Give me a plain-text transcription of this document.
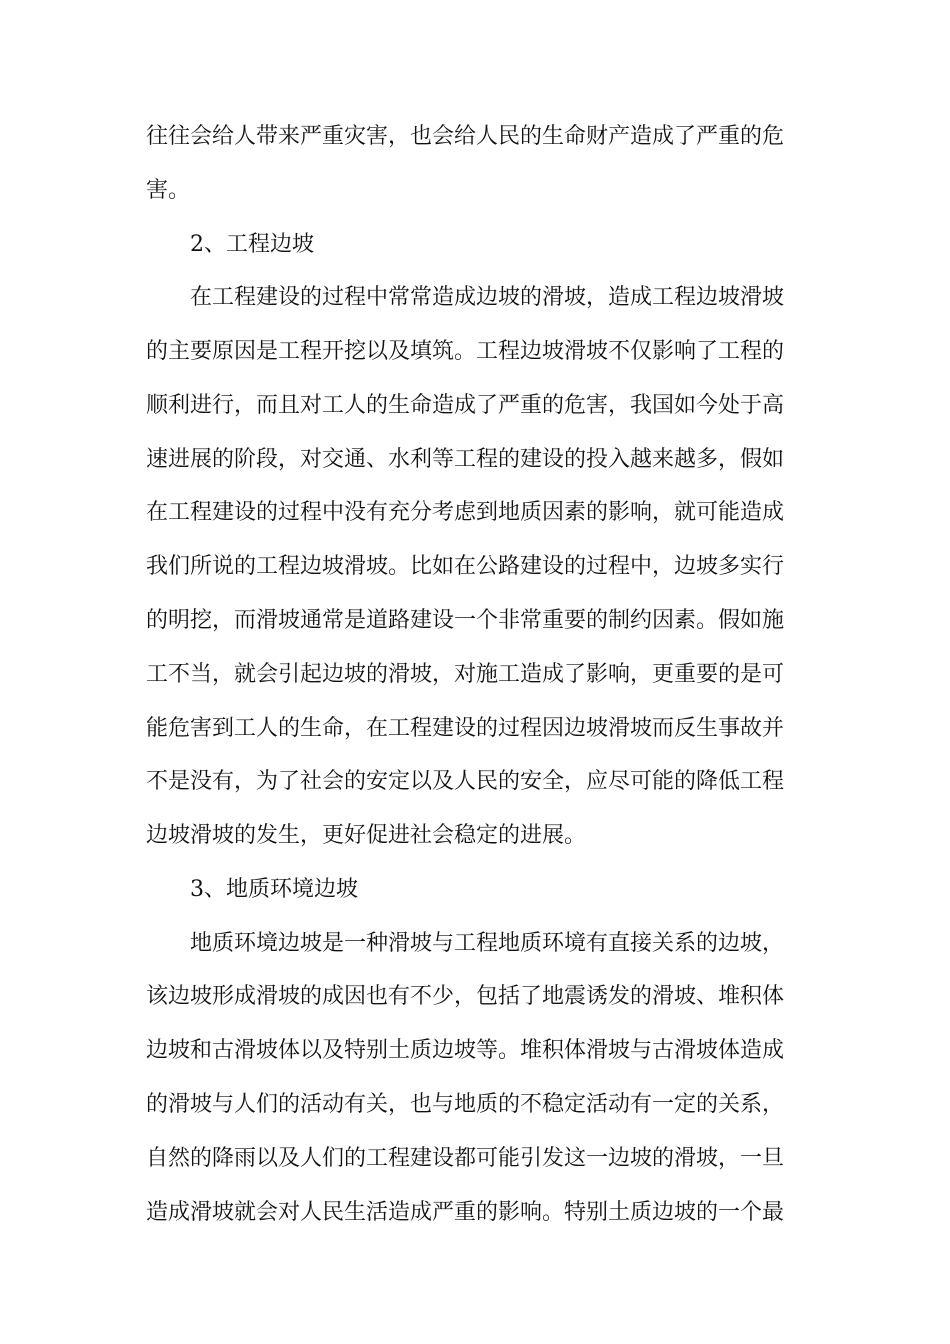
往往会给人带来严重灾害，也会给人民的生命财产造成了严重的危
害。
2、工程边坡
在工程建设的过程中常常造成边坡的滑坡，造成工程边坡滑坡
的主要原因是工程开挖以及填筑。工程边坡滑坡不仅影响了工程的
顺利进行，而且对工人的生命造成了严重的危害，我国如今处于高
速进展的阶段，对交通、水利等工程的建设的投入越来越多，假如
在工程建设的过程中没有充分考虑到地质因素的影响，就可能造成
我们所说的工程边坡滑坡。比如在公路建设的过程中，边坡多实行
的明挖，而滑坡通常是道路建设一个非常重要的制约因素。假如施
工不当，就会引起边坡的滑坡，对施工造成了影响，更重要的是可
能危害到工人的生命，在工程建设的过程因边坡滑坡而反生事故并
不是没有，为了社会的安定以及人民的安全，应尽可能的降低工程
边坡滑坡的发生，更好促进社会稳定的进展。
3、地质环境边坡
地质环境边坡是一种滑坡与工程地质环境有直接关系的边坡，
该边坡形成滑坡的成因也有不少，包括了地震诱发的滑坡、堆积体
边坡和古滑坡体以及特别土质边坡等。堆积体滑坡与古滑坡体造成
的滑坡与人们的活动有关，也与地质的不稳定活动有一定的关系，
自然的降雨以及人们的工程建设都可能引发这一边坡的滑坡，一旦
造成滑坡就会对人民生活造成严重的影响。特别土质边坡的一个最
